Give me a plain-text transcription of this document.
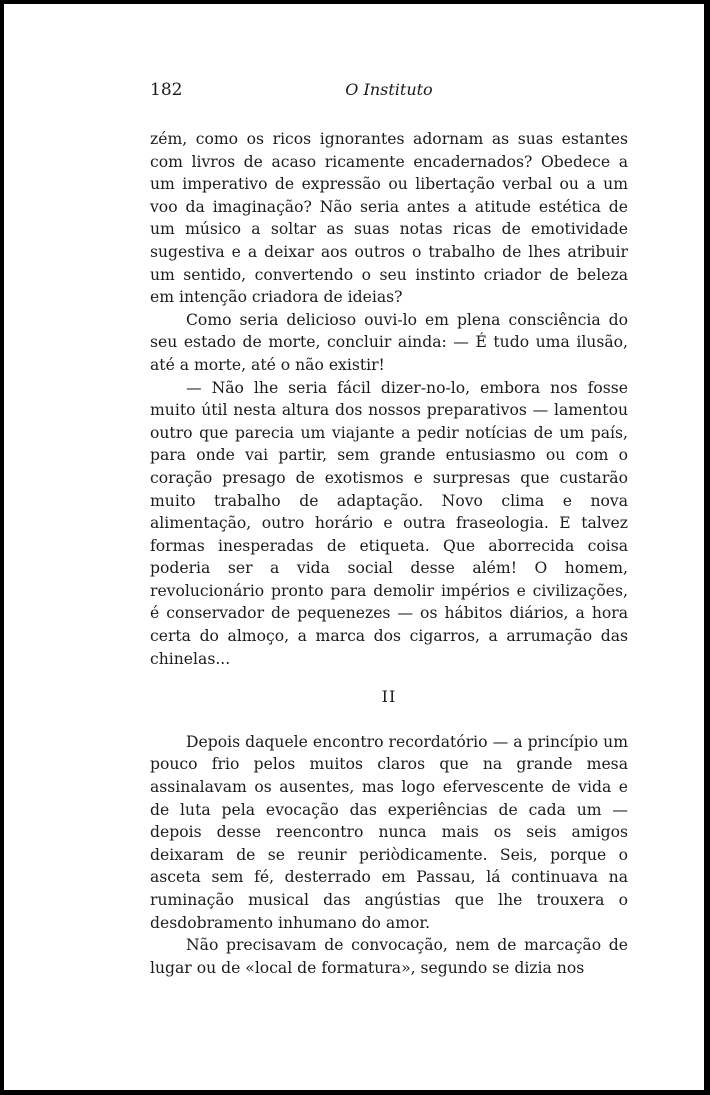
182	O Instituto

zém, como os ricos ignorantes adornam as suas estantes com livros de acaso ricamente encadernados? Obedece a um imperativo de expressão ou libertação verbal ou a um voo da imaginação? Não seria antes a atitude estética de um músico a soltar as suas notas ricas de emotividade sugestiva e a deixar aos outros o trabalho de lhes atribuir um sentido, convertendo o seu instinto criador de beleza em intenção criadora de ideias?

Como seria delicioso ouvi-lo em plena consciência do seu estado de morte, concluir ainda: — É tudo uma ilusão, até a morte, até o não existir!

— Não lhe seria fácil dizer-no-lo, embora nos fosse muito útil nesta altura dos nossos preparativos — lamentou outro que parecia um viajante a pedir notícias de um país, para onde vai partir, sem grande entusiasmo ou com o coração presago de exotismos e surpresas que custarão muito trabalho de adaptação. Novo clima e nova alimentação, outro horário e outra fraseologia. E talvez formas inesperadas de etiqueta. Que aborrecida coisa poderia ser a vida social desse além! O homem, revolucionário pronto para demolir impérios e civilizações, é conservador de pequenezes — os hábitos diários, a hora certa do almoço, a marca dos cigarros, a arrumação das chinelas...

II

Depois daquele encontro recordatório — a princípio um pouco frio pelos muitos claros que na grande mesa assinalavam os ausentes, mas logo efervescente de vida e de luta pela evocação das experiências de cada um — depois desse reencontro nunca mais os seis amigos deixaram de se reunir periòdicamente. Seis, porque o asceta sem fé, desterrado em Passau, lá continuava na ruminação musical das angústias que lhe trouxera o desdobramento inhumano do amor.

Não precisavam de convocação, nem de marcação de lugar ou de «local de formatura», segundo se dizia nos
